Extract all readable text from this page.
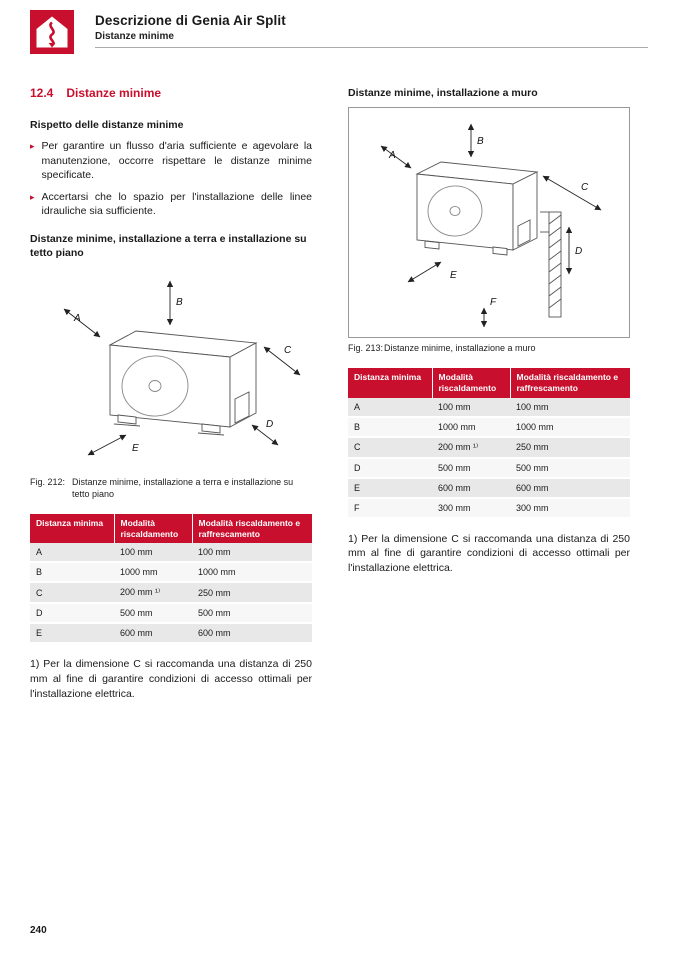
Descrizione di Genia Air Split
Distanze minime
12.4 Distanze minime
Rispetto delle distanze minime
▸ Per garantire un flusso d'aria sufficiente e agevolare la manutenzione, occorre rispettare le distanze minime specificate.
▸ Accertarsi che lo spazio per l'installazione delle linee idrauliche sia sufficiente.
Distanze minime, installazione a terra e installazione su tetto piano
A
B
C
D
E
Fig. 212: Distanze minime, installazione a terra e installazione su tetto piano
Distanza minima	Modalità riscaldamento	Modalità riscaldamento e raffrescamento
A	100 mm	100 mm
B	1000 mm	1000 mm
C	200 mm ¹⁾	250 mm
D	500 mm	500 mm
E	600 mm	600 mm
1) Per la dimensione C si raccomanda una distanza di 250 mm al fine di garantire condizioni di accesso ottimali per l'installazione elettrica.
Distanze minime, installazione a muro
A
B
C
D
E
F
Fig. 213: Distanze minime, installazione a muro
Distanza minima	Modalità riscaldamento	Modalità riscaldamento e raffrescamento
A	100 mm	100 mm
B	1000 mm	1000 mm
C	200 mm ¹⁾	250 mm
D	500 mm	500 mm
E	600 mm	600 mm
F	300 mm	300 mm
1) Per la dimensione C si raccomanda una distanza di 250 mm al fine di garantire condizioni di accesso ottimali per l'installazione elettrica.
240
